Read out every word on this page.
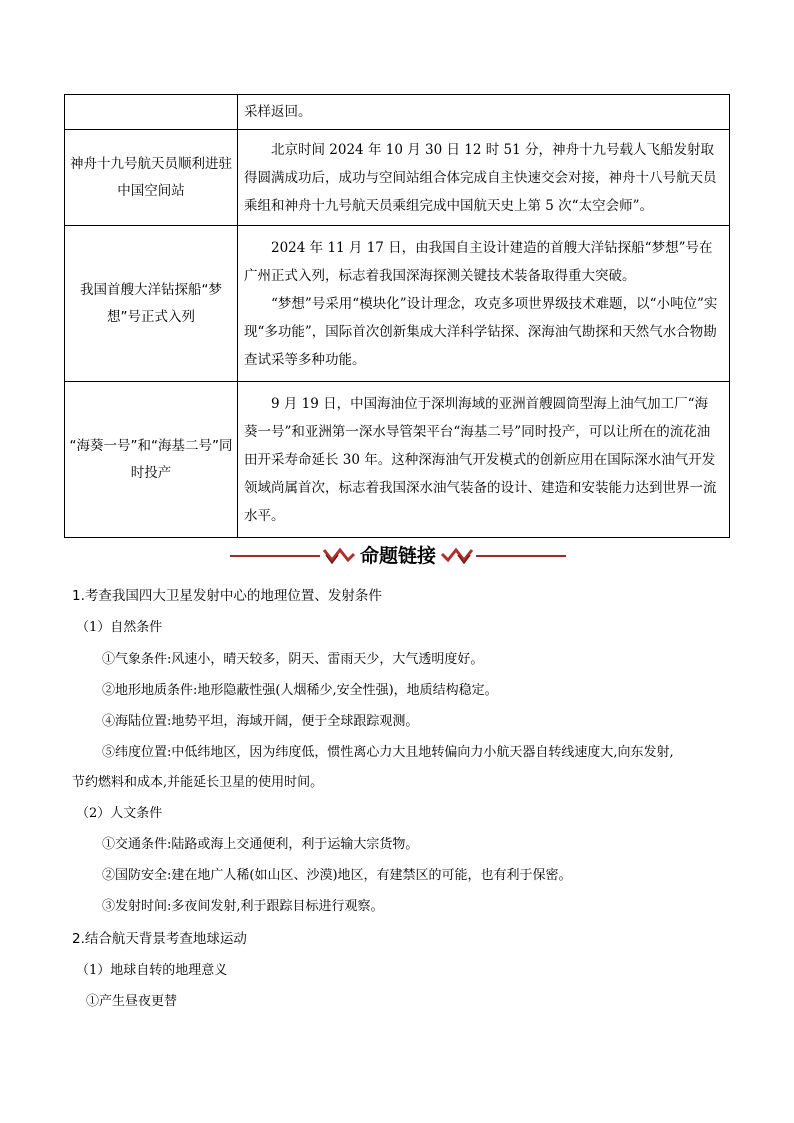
	采样返回。

神舟十九号航天员顺利进驻中国空间站	北京时间 2024 年 10 月 30 日 12 时 51 分，神舟十九号载人飞船发射取得圆满成功后，成功与空间站组合体完成自主快速交会对接，神舟十八号航天员乘组和神舟十九号航天员乘组完成中国航天史上第 5 次“太空会师”。

我国首艘大洋钻探船“梦想”号正式入列	2024 年 11 月 17 日，由我国自主设计建造的首艘大洋钻探船“梦想”号在广州正式入列，标志着我国深海探测关键技术装备取得重大突破。

“梦想”号采用“模块化”设计理念，攻克多项世界级技术难题，以“小吨位”实现“多功能”，国际首次创新集成大洋科学钻探、深海油气勘探和天然气水合物勘查试采等多种功能。

“海葵一号”和“海基二号”同时投产	9 月 19 日，中国海油位于深圳海域的亚洲首艘圆筒型海上油气加工厂“海葵一号”和亚洲第一深水导管架平台“海基二号”同时投产，可以让所在的流花油田开采寿命延长 30 年。这种深海油气开发模式的创新应用在国际深水油气开发领域尚属首次，标志着我国深水油气装备的设计、建造和安装能力达到世界一流水平。

命题链接
1.考查我国四大卫星发射中心的地理位置、发射条件
（1）自然条件
①气象条件:风速小，晴天较多，阴天、雷雨天少，大气透明度好。
②地形地质条件:地形隐蔽性强(人烟稀少,安全性强)，地质结构稳定。
④海陆位置:地势平坦，海域开阔，便于全球跟踪观测。
⑤纬度位置:中低纬地区，因为纬度低，惯性离心力大且地转偏向力小航天器自转线速度大,向东发射,
节约燃料和成本,并能延长卫星的使用时间。
（2）人文条件
①交通条件:陆路或海上交通便利，利于运输大宗货物。
②国防安全:建在地广人稀(如山区、沙漠)地区，有建禁区的可能，也有利于保密。
③发射时间:多夜间发射,利于跟踪目标进行观察。
2.结合航天背景考查地球运动
（1）地球自转的地理意义
①产生昼夜更替
